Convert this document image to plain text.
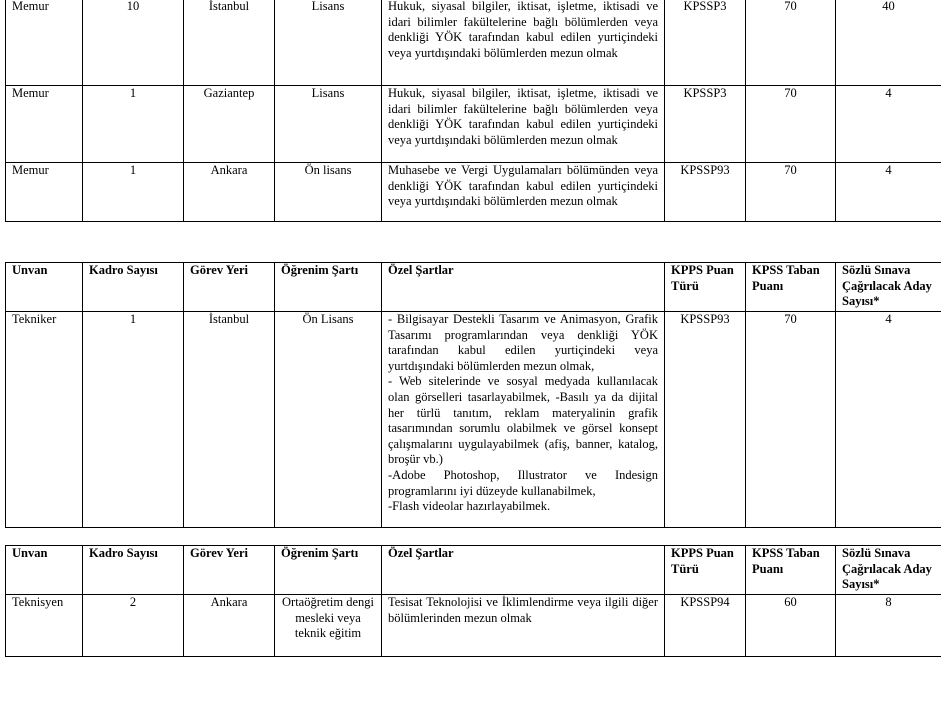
Memur	10	İstanbul	Lisans	Hukuk, siyasal bilgiler, iktisat, işletme, iktisadi ve idari bilimler fakültelerine bağlı bölümlerden veya denkliği YÖK tarafından kabul edilen yurtiçindeki veya yurtdışındaki bölümlerden mezun olmak	KPSSP3	70	40
Memur	1	Gaziantep	Lisans	Hukuk, siyasal bilgiler, iktisat, işletme, iktisadi ve idari bilimler fakültelerine bağlı bölümlerden veya denkliği YÖK tarafından kabul edilen yurtiçindeki veya yurtdışındaki bölümlerden mezun olmak	KPSSP3	70	4
Memur	1	Ankara	Ön lisans	Muhasebe ve Vergi Uygulamaları bölümünden veya denkliği YÖK tarafından kabul edilen yurtiçindeki veya yurtdışındaki bölümlerden mezun olmak	KPSSP93	70	4
Unvan	Kadro Sayısı	Görev Yeri	Öğrenim Şartı	Özel Şartlar	KPPS Puan Türü	KPSS Taban Puanı	Sözlü Sınava Çağrılacak Aday Sayısı*
Tekniker	1	İstanbul	Ön Lisans	- Bilgisayar Destekli Tasarım ve Animasyon, Grafik Tasarımı programlarından veya denkliği YÖK tarafından kabul edilen yurtiçindeki veya yurtdışındaki bölümlerden mezun olmak,
- Web sitelerinde ve sosyal medyada kullanılacak olan görselleri tasarlayabilmek, -Basılı ya da dijital her türlü tanıtım, reklam materyalinin grafik tasarımından sorumlu olabilmek ve görsel konsept çalışmalarını uygulayabilmek (afiş, banner, katalog, broşür vb.)
-Adobe Photoshop, Illustrator ve Indesign programlarını iyi düzeyde kullanabilmek,
-Flash videolar hazırlayabilmek.	KPSSP93	70	4
Unvan	Kadro Sayısı	Görev Yeri	Öğrenim Şartı	Özel Şartlar	KPPS Puan Türü	KPSS Taban Puanı	Sözlü Sınava Çağrılacak Aday Sayısı*
Teknisyen	2	Ankara	Ortaöğretim dengi mesleki veya teknik eğitim	Tesisat Teknolojisi ve İklimlendirme veya ilgili diğer bölümlerinden mezun olmak	KPSSP94	60	8
